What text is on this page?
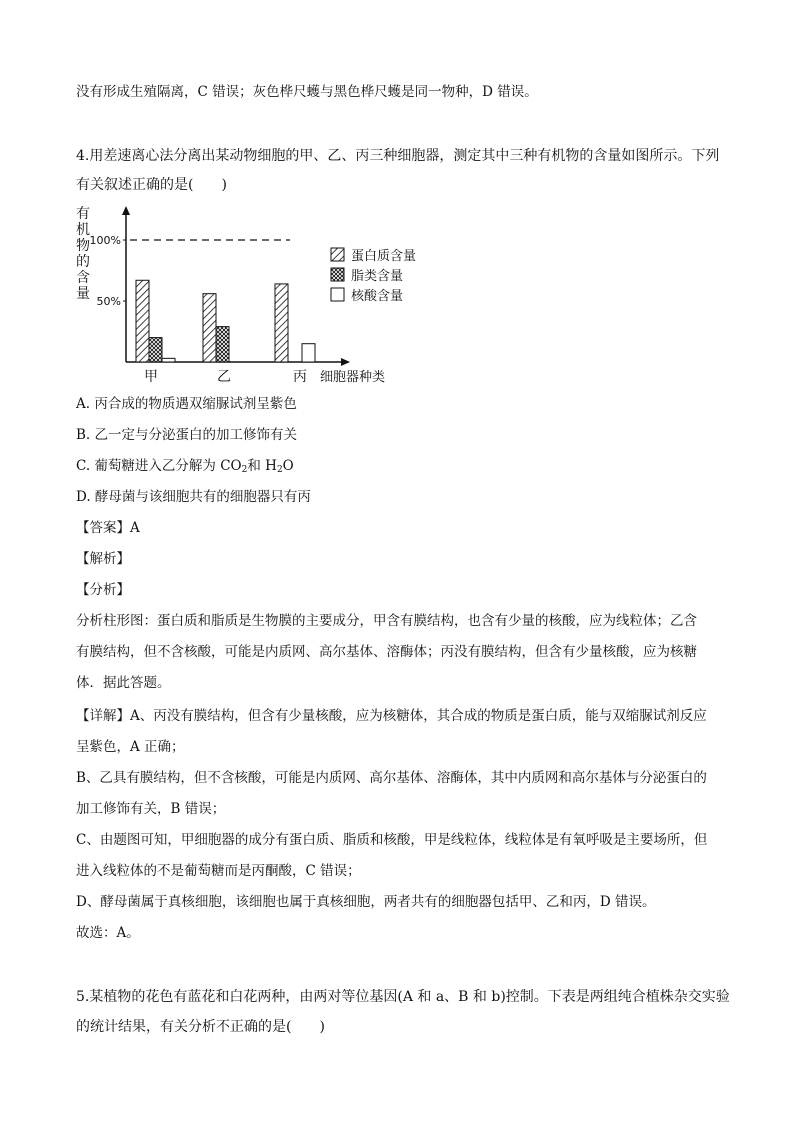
没有形成生殖隔离，C 错误；灰色桦尺蠖与黑色桦尺蠖是同一物种，D 错误。
4.用差速离心法分离出某动物细胞的甲、乙、丙三种细胞器，测定其中三种有机物的含量如图所示。下列
有关叙述正确的是(　　)
有
机
物
的
含
量
100%
50%
甲	乙	丙 细胞器种类
蛋白质含量
脂类含量
核酸含量
A. 丙合成的物质遇双缩脲试剂呈紫色
B. 乙一定与分泌蛋白的加工修饰有关
C. 葡萄糖进入乙分解为 $CO_2$和 $H_2O$
D. 酵母菌与该细胞共有的细胞器只有丙
【答案】A
【解析】
【分析】
分析柱形图：蛋白质和脂质是生物膜的主要成分，甲含有膜结构，也含有少量的核酸，应为线粒体；乙含
有膜结构，但不含核酸，可能是内质网、高尔基体、溶酶体；丙没有膜结构，但含有少量核酸，应为核糖
体．据此答题。
【详解】A、丙没有膜结构，但含有少量核酸，应为核糖体，其合成的物质是蛋白质，能与双缩脲试剂反应
呈紫色，A 正确；
B、乙具有膜结构，但不含核酸，可能是内质网、高尔基体、溶酶体，其中内质网和高尔基体与分泌蛋白的
加工修饰有关，B 错误；
C、由题图可知，甲细胞器的成分有蛋白质、脂质和核酸，甲是线粒体，线粒体是有氧呼吸是主要场所，但
进入线粒体的不是葡萄糖而是丙酮酸，C 错误；
D、酵母菌属于真核细胞，该细胞也属于真核细胞，两者共有的细胞器包括甲、乙和丙，D 错误。
故选：A。
5.某植物的花色有蓝花和白花两种，由两对等位基因(A 和 a、B 和 b)控制。下表是两组纯合植株杂交实验
的统计结果，有关分析不正确的是(　　)
